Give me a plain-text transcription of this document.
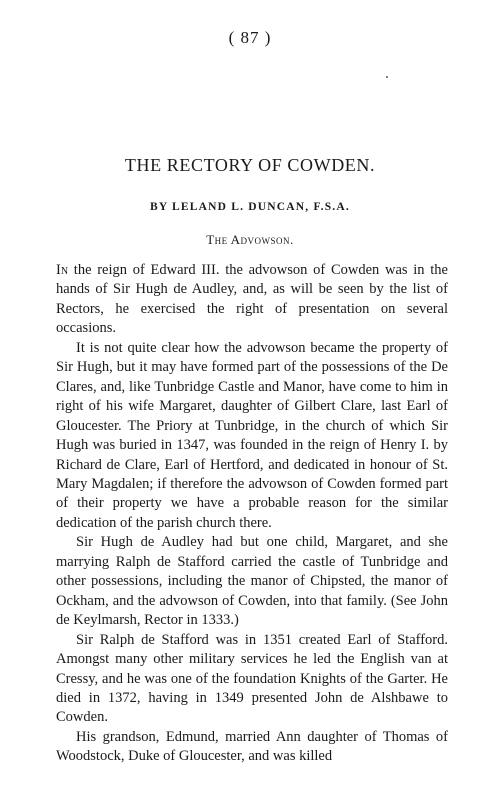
( 87 )
THE RECTORY OF COWDEN.
BY LELAND L. DUNCAN, F.S.A.
The Advowson.

In the reign of Edward III. the advowson of Cowden was in the hands of Sir Hugh de Audley, and, as will be seen by the list of Rectors, he exercised the right of presentation on several occasions.

It is not quite clear how the advowson became the property of Sir Hugh, but it may have formed part of the possessions of the De Clares, and, like Tunbridge Castle and Manor, have come to him in right of his wife Margaret, daughter of Gilbert Clare, last Earl of Gloucester. The Priory at Tunbridge, in the church of which Sir Hugh was buried in 1347, was founded in the reign of Henry I. by Richard de Clare, Earl of Hertford, and dedicated in honour of St. Mary Magdalen; if therefore the advowson of Cowden formed part of their property we have a probable reason for the similar dedication of the parish church there.

Sir Hugh de Audley had but one child, Margaret, and she marrying Ralph de Stafford carried the castle of Tunbridge and other possessions, including the manor of Chipsted, the manor of Ockham, and the advowson of Cowden, into that family. (See John de Keylmarsh, Rector in 1333.)

Sir Ralph de Stafford was in 1351 created Earl of Stafford. Amongst many other military services he led the English van at Cressy, and he was one of the foundation Knights of the Garter. He died in 1372, having in 1349 presented John de Alshbawe to Cowden.

His grandson, Edmund, married Ann daughter of Thomas of Woodstock, Duke of Gloucester, and was killed
